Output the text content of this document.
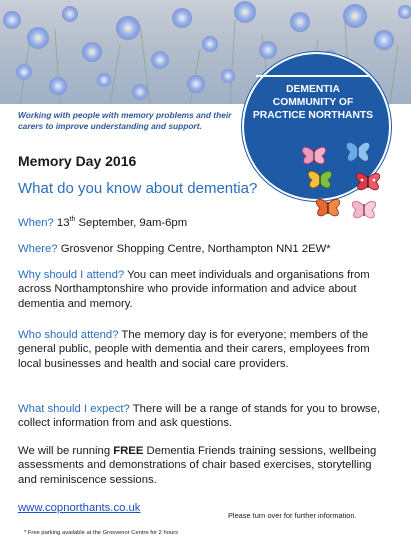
Working with people with memory problems and their carers to improve understanding and support.
DEMENTIA
COMMUNITY OF
PRACTICE NORTHANTS
Memory Day 2016
What do you know about dementia?
When? 13th September, 9am-6pm
Where? Grosvenor Shopping Centre, Northampton NN1 2EW*
Why should I attend? You can meet individuals and organisations from across Northamptonshire who provide information and advice about dementia and memory.
Who should attend? The memory day is for everyone; members of the general public, people with dementia and their carers, employees from local businesses and health and social care providers.
What should I expect? There will be a range of stands for you to browse, collect information from and ask questions.
We will be running FREE Dementia Friends training sessions, wellbeing assessments and demonstrations of chair based exercises, storytelling and reminiscence sessions.
www.copnorthants.co.uk
Please turn over for further information.
* Free parking available at the Grosvenor Centre for 2 hours
